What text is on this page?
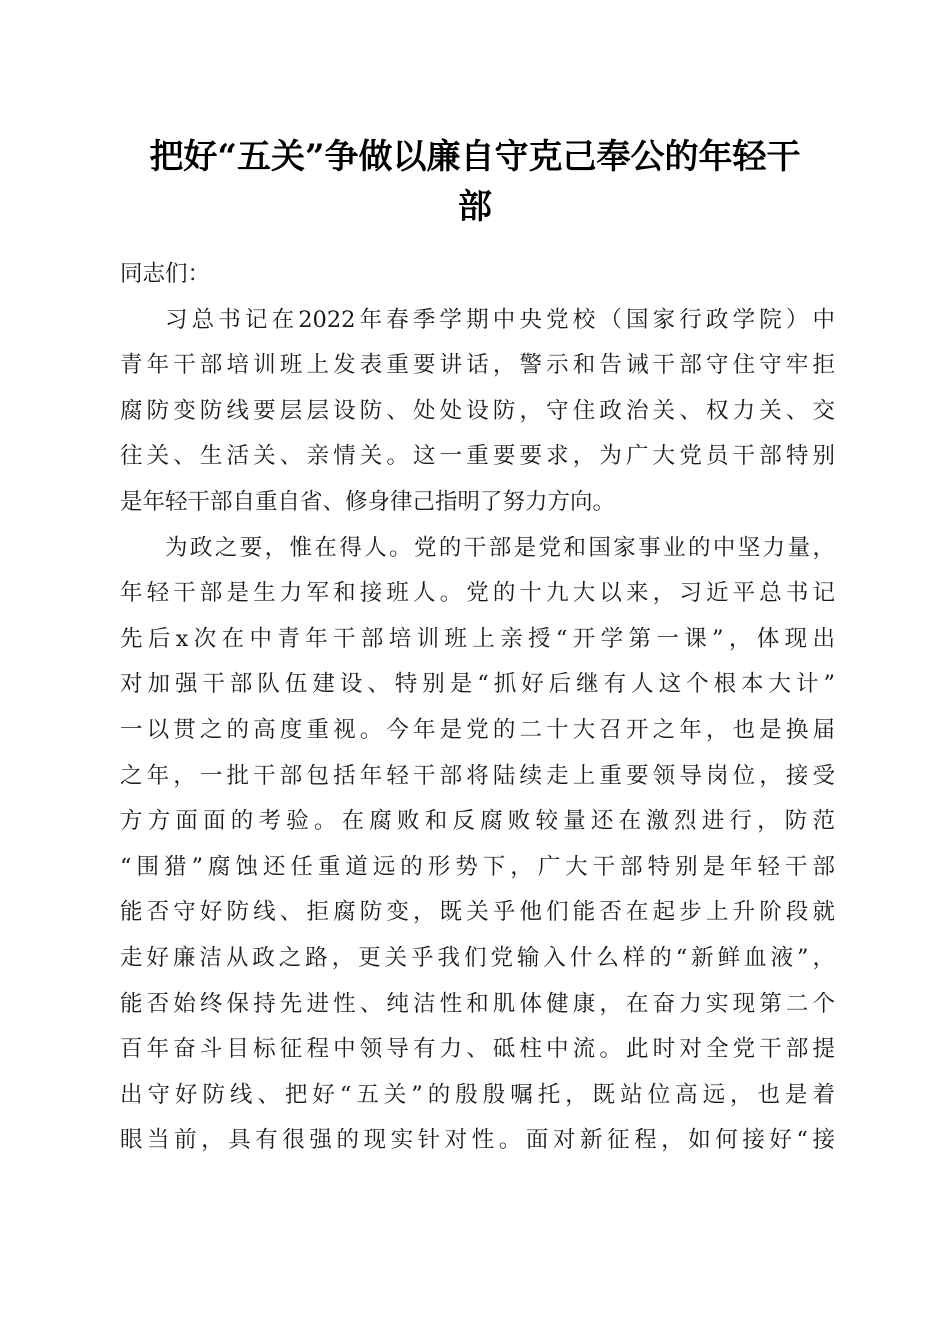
把好“五关”争做以廉自守克己奉公的年轻干
部
同志们：
习总书记在2022年春季学期中央党校（国家行政学院）中
青年干部培训班上发表重要讲话，警示和告诫干部守住守牢拒
腐防变防线要层层设防、处处设防，守住政治关、权力关、交
往关、生活关、亲情关。这一重要要求，为广大党员干部特别
是年轻干部自重自省、修身律己指明了努力方向。
为政之要，惟在得人。党的干部是党和国家事业的中坚力量，
年轻干部是生力军和接班人。党的十九大以来，习近平总书记
先后x次在中青年干部培训班上亲授“开学第一课”，体现出
对加强干部队伍建设、特别是“抓好后继有人这个根本大计”
一以贯之的高度重视。今年是党的二十大召开之年，也是换届
之年，一批干部包括年轻干部将陆续走上重要领导岗位，接受
方方面面的考验。在腐败和反腐败较量还在激烈进行，防范
“围猎”腐蚀还任重道远的形势下，广大干部特别是年轻干部
能否守好防线、拒腐防变，既关乎他们能否在起步上升阶段就
走好廉洁从政之路，更关乎我们党输入什么样的“新鲜血液”，
能否始终保持先进性、纯洁性和肌体健康，在奋力实现第二个
百年奋斗目标征程中领导有力、砥柱中流。此时对全党干部提
出守好防线、把好“五关”的殷殷嘱托，既站位高远，也是着
眼当前，具有很强的现实针对性。面对新征程，如何接好“接
